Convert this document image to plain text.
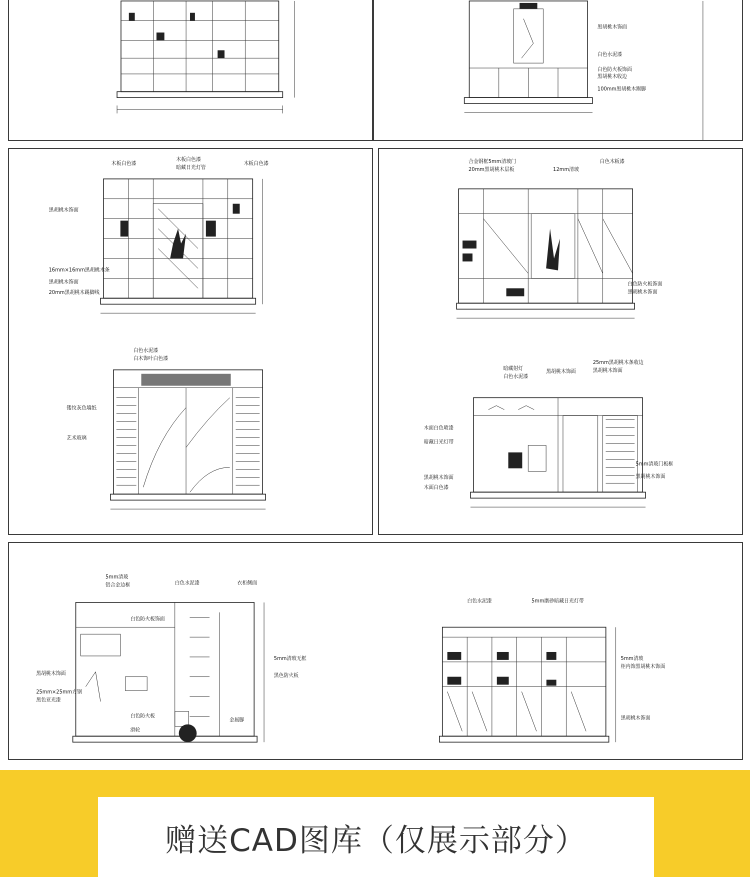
黑胡桃木饰面
白色水泥漆
白色防火板饰面
黑胡桃木收边
100mm黑胡桃木踢脚
木板白色漆
木板白色漆
暗藏日光灯管
木板白色漆
黑胡桃木饰面
16mm×16mm黑胡桃木条
黑胡桃木饰面
20mm黑胡桃木踢脚线
白色水泥漆
白木饰叶白色漆
镂纹灰色墙纸
艺术玻璃
合金钢框5mm清玻门
20mm黑胡桃木层板	12mm清玻
白色木板漆
白色防火板饰面
黑胡桃木饰面
暗藏射灯
25mm黑胡桃木条收边
白色水泥漆
黑胡桃木饰面	黑胡桃木饰面
木面白色喷漆
暗藏日光灯带
5mm清玻门板框
黑胡桃木饰面
黑胡桃木饰面
木面白色漆
5mm清玻
铝合金边框	白色水泥漆	衣柜侧面
白色防火板饰面
5mm清玻无框
黑胡桃木饰面	黑色防火板
25mm×25mm方钢
黑色亚光漆
白色防火板
滑轮
金属脚
白色水泥漆	5mm磨砂暗藏日光灯带
5mm清玻
柜内饰黑胡桃木饰面
黑胡桃木饰面
赠送CAD图库（仅展示部分）
